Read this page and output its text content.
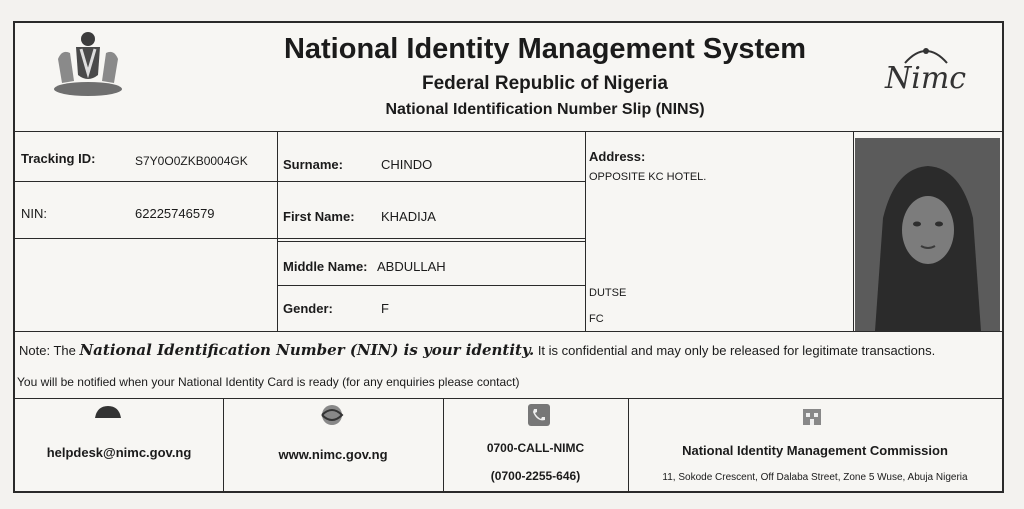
National Identity Management System
Federal Republic of Nigeria
National Identification Number Slip (NINS)
Nimc
Tracking ID:	S7Y0O0ZKB0004GK	Surname:	CHINDO
Address:
OPPOSITE KC HOTEL.
NIN:	62225746579	First Name: KHADIJA
Middle Name: ABDULLAH
Gender:	F
DUTSE
FC
Note: The National Identification Number (NIN) is your identity. It is confidential and may only be released for legitimate transactions.
You will be notified when your National Identity Card is ready (for any enquiries please contact)
helpdesk@nimc.gov.ng	www.nimc.gov.ng	0700-CALL-NIMC
(0700-2255-646)
National Identity Management Commission
11, Sokode Crescent, Off Dalaba Street, Zone 5 Wuse, Abuja Nigeria
